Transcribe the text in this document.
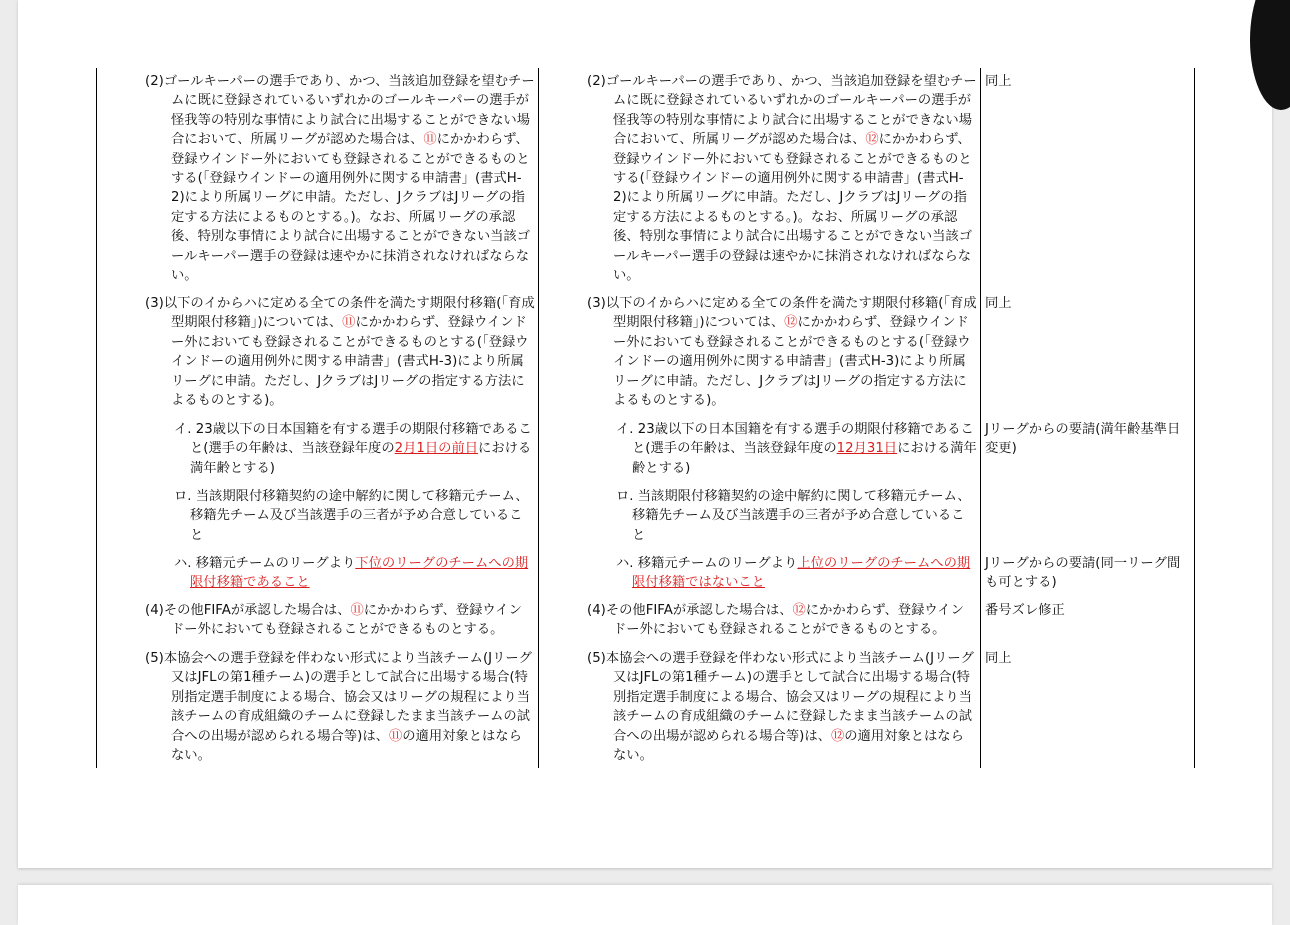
(2)ゴールキーパーの選手であり、かつ、当該追加登録を望むチームに既に登録されているいずれかのゴールキーパーの選手が怪我等の特別な事情により試合に出場することができない場合において、所属リーグが認めた場合は、⑪にかかわらず、登録ウインドー外においても登録されることができるものとする(「登録ウインドーの適用例外に関する申請書」(書式H-2)により所属リーグに申請。ただし、JクラブはJリーグの指定する方法によるものとする。)。なお、所属リーグの承認後、特別な事情により試合に出場することができない当該ゴールキーパー選手の登録は速やかに抹消されなければならない。
(3)以下のイからハに定める全ての条件を満たす期限付移籍(「育成型期限付移籍」)については、⑪にかかわらず、登録ウインドー外においても登録されることができるものとする(「登録ウインドーの適用例外に関する申請書」(書式H-3)により所属リーグに申請。ただし、JクラブはJリーグの指定する方法によるものとする)。
イ. 23歳以下の日本国籍を有する選手の期限付移籍であること(選手の年齢は、当該登録年度の2月1日の前日における満年齢とする)
ロ. 当該期限付移籍契約の途中解約に関して移籍元チーム、移籍先チーム及び当該選手の三者が予め合意していること
ハ. 移籍元チームのリーグより下位のリーグのチームへの期限付移籍であること
(4)その他FIFAが承認した場合は、⑪にかかわらず、登録ウインドー外においても登録されることができるものとする。
(5)本協会への選手登録を伴わない形式により当該チーム(Jリーグ又はJFLの第1種チーム)の選手として試合に出場する場合(特別指定選手制度による場合、協会又はリーグの規程により当該チームの育成組織のチームに登録したまま当該チームの試合への出場が認められる場合等)は、⑪の適用対象とはならない。
(2)ゴールキーパーの選手であり、かつ、当該追加登録を望むチームに既に登録されているいずれかのゴールキーパーの選手が怪我等の特別な事情により試合に出場することができない場合において、所属リーグが認めた場合は、⑫にかかわらず、登録ウインドー外においても登録されることができるものとする(「登録ウインドーの適用例外に関する申請書」(書式H-2)により所属リーグに申請。ただし、JクラブはJリーグの指定する方法によるものとする。)。なお、所属リーグの承認後、特別な事情により試合に出場することができない当該ゴールキーパー選手の登録は速やかに抹消されなければならない。
(3)以下のイからハに定める全ての条件を満たす期限付移籍(「育成型期限付移籍」)については、⑫にかかわらず、登録ウインドー外においても登録されることができるものとする(「登録ウインドーの適用例外に関する申請書」(書式H-3)により所属リーグに申請。ただし、JクラブはJリーグの指定する方法によるものとする)。
イ. 23歳以下の日本国籍を有する選手の期限付移籍であること(選手の年齢は、当該登録年度の12月31日における満年齢とする)
ロ. 当該期限付移籍契約の途中解約に関して移籍元チーム、移籍先チーム及び当該選手の三者が予め合意していること
ハ. 移籍元チームのリーグより上位のリーグのチームへの期限付移籍ではないこと
(4)その他FIFAが承認した場合は、⑫にかかわらず、登録ウインドー外においても登録されることができるものとする。
(5)本協会への選手登録を伴わない形式により当該チーム(Jリーグ又はJFLの第1種チーム)の選手として試合に出場する場合(特別指定選手制度による場合、協会又はリーグの規程により当該チームの育成組織のチームに登録したまま当該チームの試合への出場が認められる場合等)は、⑫の適用対象とはならない。
同上
同上
Jリーグからの要請(満年齢基準日変更)
Jリーグからの要請(同一リーグ間も可とする)
番号ズレ修正
同上
